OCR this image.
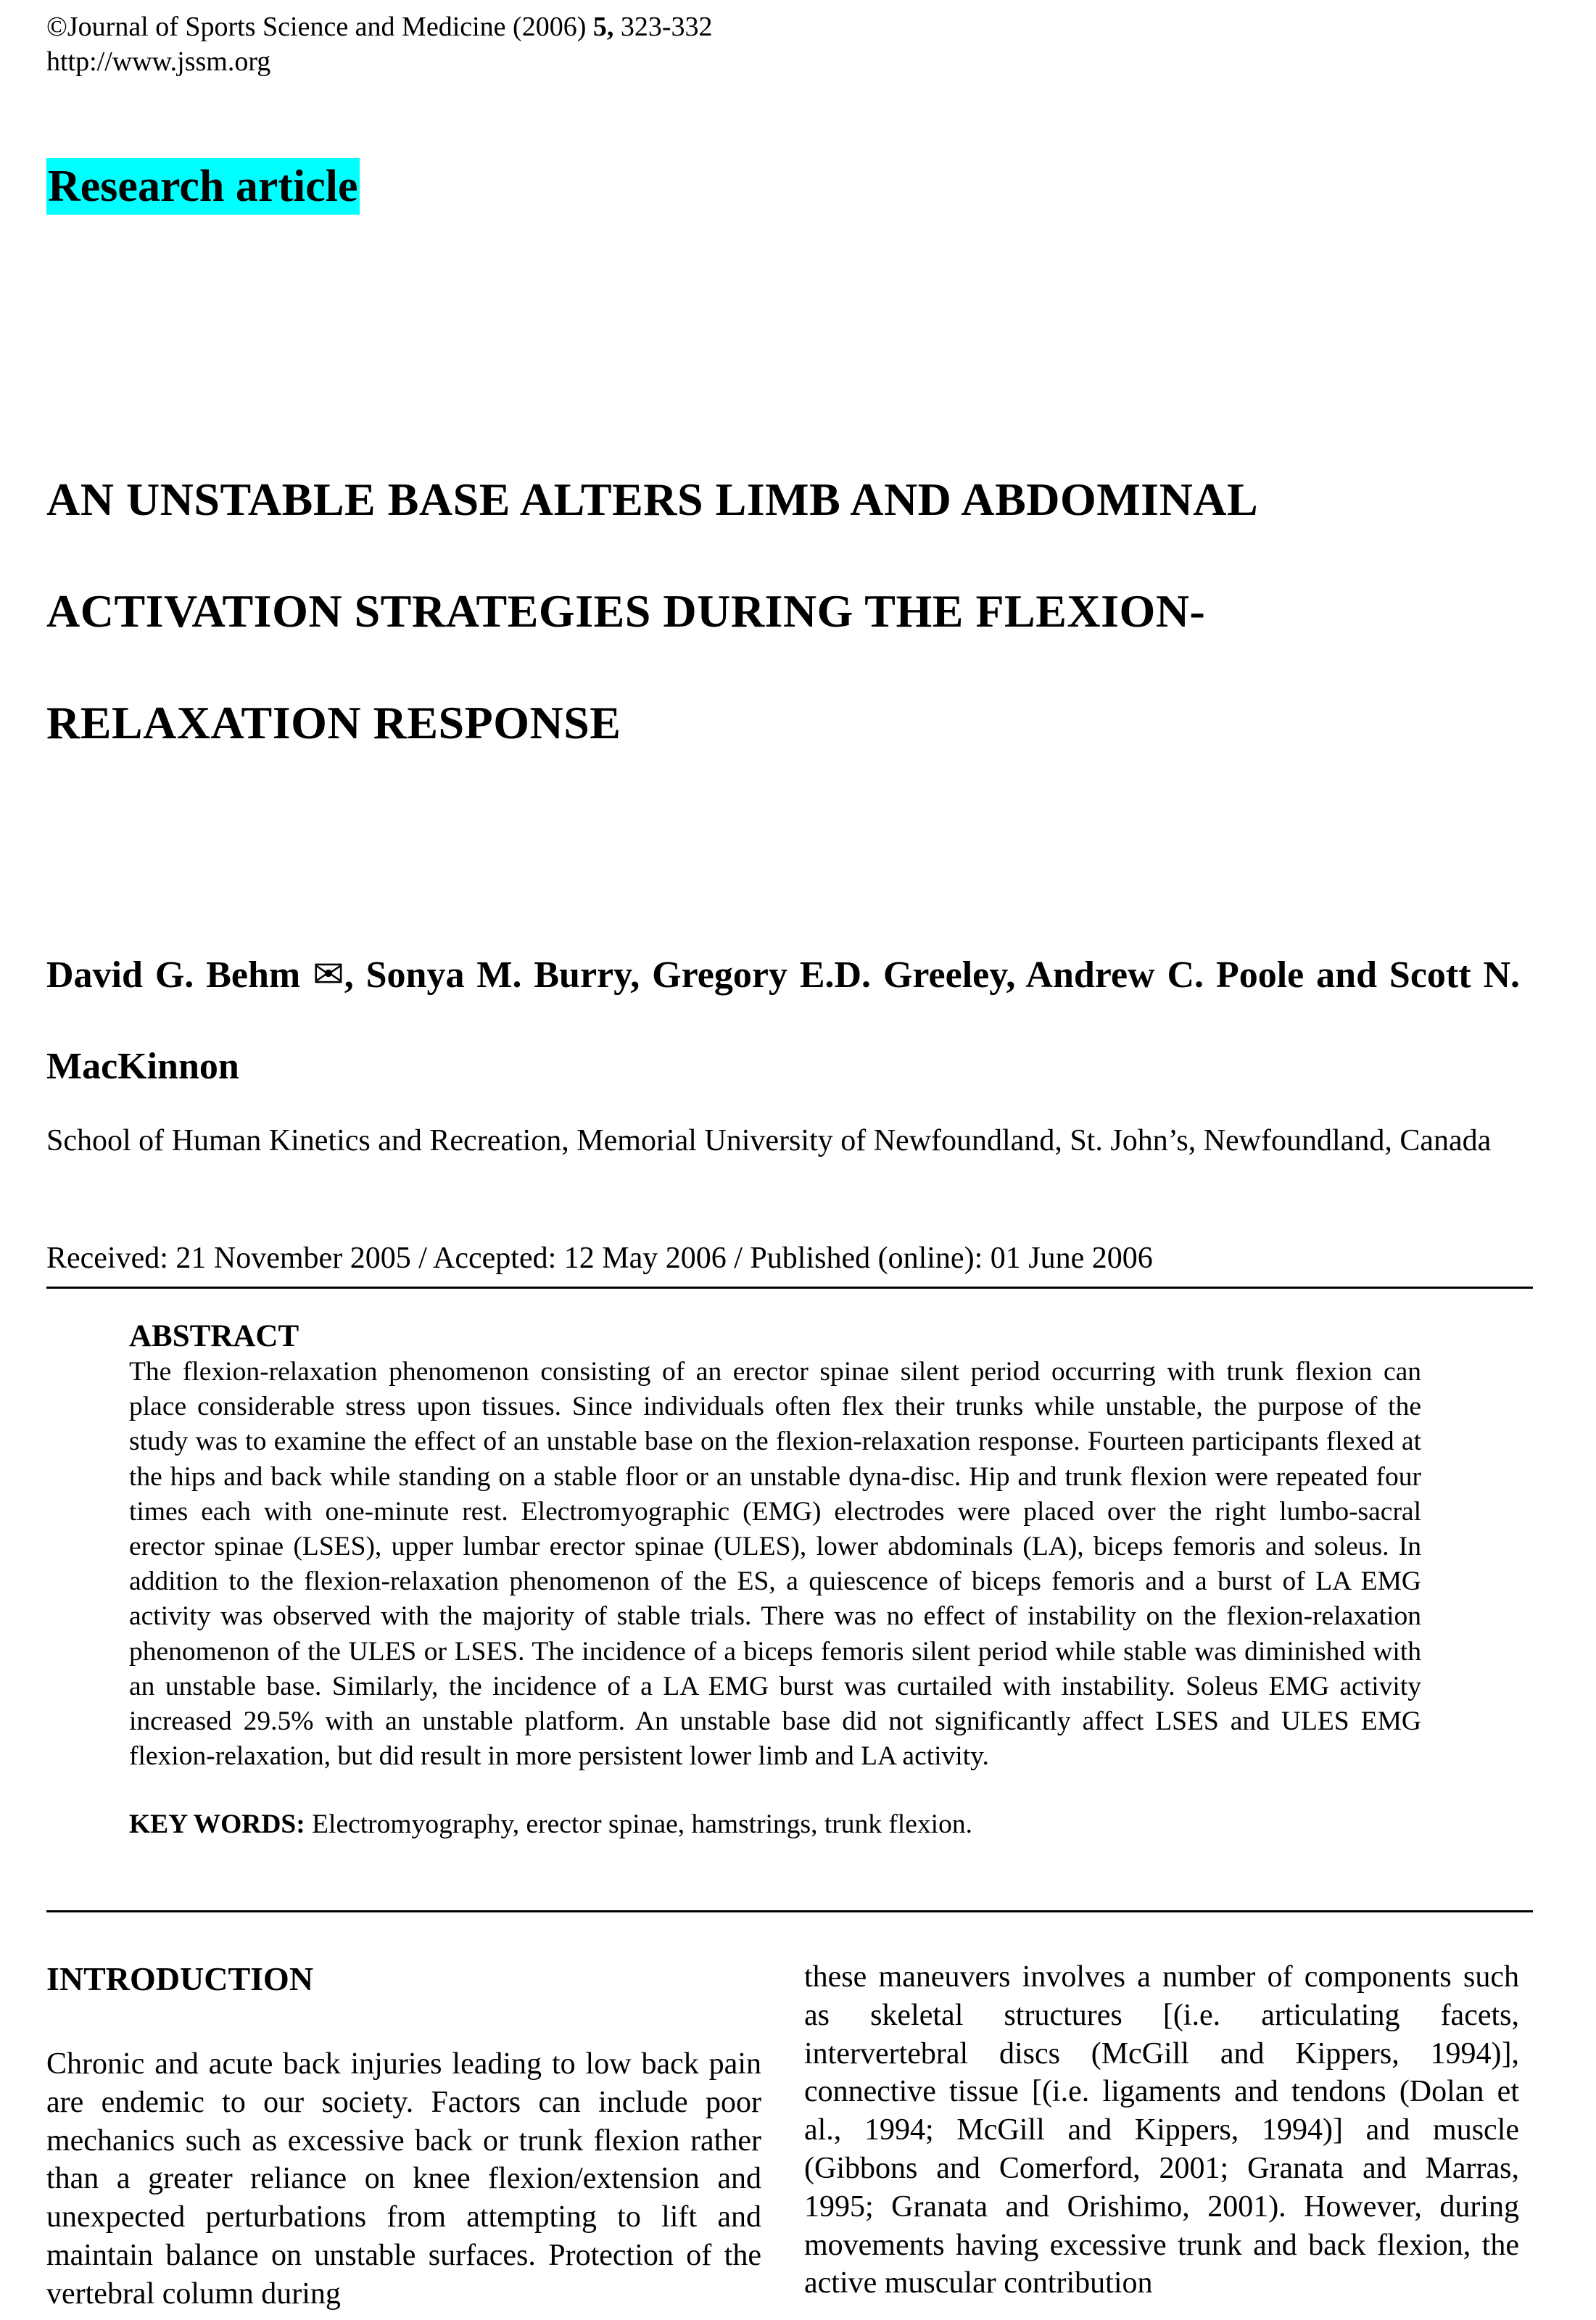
©Journal of Sports Science and Medicine (2006) 5, 323-332
http://www.jssm.org
Research article
AN UNSTABLE BASE ALTERS LIMB AND ABDOMINAL
ACTIVATION STRATEGIES DURING THE FLEXION-
RELAXATION RESPONSE
David G. Behm ✉, Sonya M. Burry, Gregory E.D. Greeley, Andrew C. Poole and Scott N. MacKinnon
School of Human Kinetics and Recreation, Memorial University of Newfoundland, St. John’s, Newfoundland, Canada
Received: 21 November 2005 / Accepted: 12 May 2006 / Published (online): 01 June 2006
ABSTRACT

The flexion-relaxation phenomenon consisting of an erector spinae silent period occurring with trunk flexion can place considerable stress upon tissues. Since individuals often flex their trunks while unstable, the purpose of the study was to examine the effect of an unstable base on the flexion-relaxation response. Fourteen participants flexed at the hips and back while standing on a stable floor or an unstable dyna-disc. Hip and trunk flexion were repeated four times each with one-minute rest. Electromyographic (EMG) electrodes were placed over the right lumbo-sacral erector spinae (LSES), upper lumbar erector spinae (ULES), lower abdominals (LA), biceps femoris and soleus. In addition to the flexion-relaxation phenomenon of the ES, a quiescence of biceps femoris and a burst of LA EMG activity was observed with the majority of stable trials. There was no effect of instability on the flexion-relaxation phenomenon of the ULES or LSES. The incidence of a biceps femoris silent period while stable was diminished with an unstable base. Similarly, the incidence of a LA EMG burst was curtailed with instability. Soleus EMG activity increased 29.5% with an unstable platform. An unstable base did not significantly affect LSES and ULES EMG flexion-relaxation, but did result in more persistent lower limb and LA activity.

KEY WORDS: Electromyography, erector spinae, hamstrings, trunk flexion.
INTRODUCTION

Chronic and acute back injuries leading to low back pain are endemic to our society. Factors can include poor mechanics such as excessive back or trunk flexion rather than a greater reliance on knee flexion/extension and unexpected perturbations from attempting to lift and maintain balance on unstable surfaces. Protection of the vertebral column during

these maneuvers involves a number of components such as skeletal structures [(i.e. articulating facets, intervertebral discs (McGill and Kippers, 1994)], connective tissue [(i.e. ligaments and tendons (Dolan et al., 1994; McGill and Kippers, 1994)] and muscle (Gibbons and Comerford, 2001; Granata and Marras, 1995; Granata and Orishimo, 2001). However, during movements having excessive trunk and back flexion, the active muscular contribution
